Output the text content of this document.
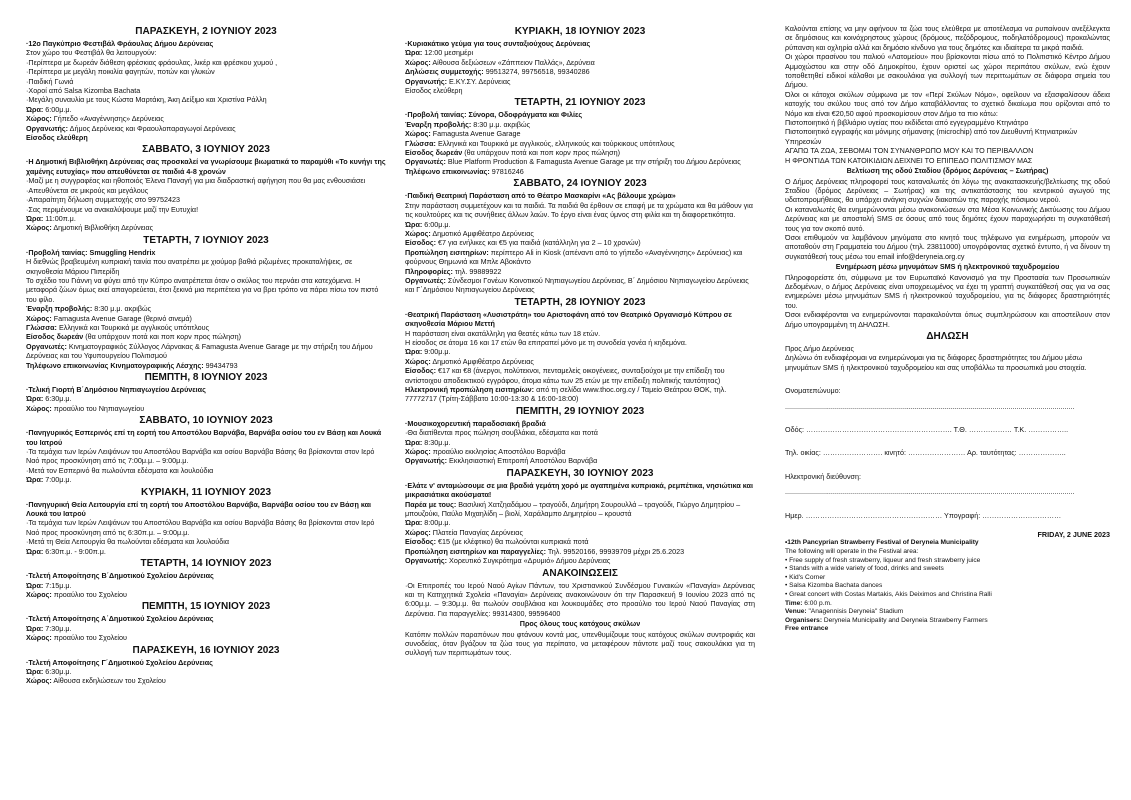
ΠΑΡΑΣΚΕΥΗ, 2 ΙΟΥΝΙΟΥ 2023
·12ο Παγκύπριο Φεστιβάλ Φράουλας Δήμου Δερύνειας
Στον χώρο του Φεστιβάλ θα λειτουργούν:
·Περίπτερα με δωρεάν διάθεση φρέσκιας φράουλας, λικέρ και φρέσκου χυμού ,
·Περίπτερα με μεγάλη ποικιλία φαγητών, ποτών και γλυκών
·Παιδική Γωνιά
·Χοροί από Salsa Kizomba Bachata
·Μεγάλη συναυλία με τους Κώστα Μαρτάκη, Άκη Δείξιμο και Χριστίνα Ράλλη
Ώρα: 6:00μ.μ.
Χώρος: Γήπεδο «Αναγέννησης» Δερύνειας
Οργανωτής: Δήμος Δερύνειας και Φραουλοπαραγωγοί Δερύνειας
Είσοδος ελεύθερη
ΣΑΒΒΑΤΟ, 3 ΙΟΥΝΙΟΥ 2023
·Η Δημοτική Βιβλιοθήκη Δερύνειας σας προσκαλεί να γνωρίσουμε βιωματικά το παραμύθι «Το κυνήγι της χαμένης ευτυχίας» που απευθύνεται σε παιδιά 4-8 χρονών
·Μαζί με η συγγραφέας και ηθοποιός Έλενα Παναγή για μια διαδραστική αφήγηση που θα μας ενθουσιάσει
·Απευθύνεται σε μικρούς και μεγάλους
·Απαραίτητη δήλωση συμμετοχής στο 99752423
·Σας περιμένουμε να ανακαλύψουμε μαζί την Ευτυχία!
Ώρα: 11:00π.μ.
Χώρος: Δημοτική Βιβλιοθήκη Δερύνειας
ΤΕΤΑΡΤΗ, 7 ΙΟΥΝΙΟΥ 2023
·Προβολή ταινίας: Smuggling Hendrix
Η διεθνώς βραβευμένη κυπριακή ταινία που ανατρέπει με χιούμορ βαθιά ριζωμένες προκαταλήψεις, σε σκηνοθεσία Μάριου Πιπερίδη
Το σχέδιο του Γιάννη να φύγει από την Κύπρο ανατρέπεται όταν ο σκύλος του περνάει στα κατεχόμενα. Η μεταφορά ζώων όμως εκεί απαγορεύεται, έτσι ξεκινά μια περιπέτεια για να βρει τρόπο να πάρει πίσω τον πιστό του φίλο.
Έναρξη προβολής: 8:30 μ.μ. ακριβώς
Χώρος: Famagusta Avenue Garage (θερινό σινεμά)
Γλώσσα: Ελληνικά και Τουρκικά με αγγλικούς υπότιτλους
Είσοδος δωρεάν (θα υπάρχουν ποτά και ποπ κορν προς πώληση)
Οργανωτές: Κινηματογραφικός Σύλλογος Λάρνακας & Famagusta Avenue Garage με την στήριξη του Δήμου Δερύνειας και του Υφυπουργείου Πολιτισμού
Τηλέφωνο επικοινωνίας Κινηματογραφικής Λέσχης: 99434793
ΠΕΜΠΤΗ, 8 ΙΟΥΝΙΟΥ 2023
·Τελική Γιορτή Β΄Δημόσιου Νηπιαγωγείου Δερύνειας
Ώρα: 6:30μ.μ.
Χώρος: προαύλιο του Νηπιαγωγείου
ΣΑΒΒΑΤΟ, 10 ΙΟΥΝΙΟΥ 2023
·Πανηγυρικός Εσπερινός επί τη εορτή του Αποστόλου Βαρνάβα, Βαρνάβα οσίου του εν Βάσῃ και Λουκά του Ιατρού
·Τα τεμάχια των Ιερών Λειψάνων του Αποστόλου Βαρνάβα και οσίου Βαρνάβα Βάσης θα βρίσκονται στον Ιερό Ναό προς προσκύνηση από τις 7:00μ.μ. – 9:00μ.μ.
·Μετά τον Εσπερινό θα πωλούνται εδέσματα και λουλούδια
Ώρα: 7:00μ.μ.
ΚΥΡΙΑΚΗ, 11 ΙΟΥΝΙΟΥ 2023
·Πανηγυρική Θεία Λειτουργία επί τη εορτή του Αποστόλου Βαρνάβα, Βαρνάβα οσίου του εν Βάσῃ και Λουκά του Ιατρού
·Τα τεμάχια των Ιερών Λειψάνων του Αποστόλου Βαρνάβα και οσίου Βαρνάβα Βάσης θα βρίσκονται στον Ιερό Ναό προς προσκύνηση από τις 6:30π.μ. – 9:00μ.μ.
·Μετά τη Θεία Λειτουργία θα πωλούνται εδέσματα και λουλούδια
Ώρα: 6:30π.μ. - 9:00π.μ.
ΤΕΤΑΡΤΗ, 14 ΙΟΥΝΙΟΥ 2023
·Τελετή Αποφοίτησης Β΄Δημοτικού Σχολείου Δερύνειας
Ώρα: 7:15μ.μ.
Χώρος: προαύλιο του Σχολείου
ΠΕΜΠΤΗ, 15 ΙΟΥΝΙΟΥ 2023
·Τελετή Αποφοίτησης Α΄Δημοτικού Σχολείου Δερύνειας
Ώρα: 7:30μ.μ.
Χώρος: προαύλιο του Σχολείου
ΠΑΡΑΣΚΕΥΗ, 16 ΙΟΥΝΙΟΥ 2023
·Τελετή Αποφοίτησης Γ΄Δημοτικού Σχολείου Δερύνειας
Ώρα: 6:30μ.μ.
Χώρος: Αίθουσα εκδηλώσεων του Σχολείου
ΚΥΡΙΑΚΗ, 18 ΙΟΥΝΙΟΥ 2023
·Κυριακάτικο γεύμα για τους συνταξιούχους Δερύνειας
Ώρα: 12:00 μεσημέρι
Χώρος: Αίθουσα δεξιώσεων «Ζάππειον Παλλάς», Δερύνεια
Δηλώσεις συμμετοχής: 99513274, 99756518, 99340286
Οργανωτής: Ε.ΚΥ.ΣΥ. Δερύνειας
Είσοδος ελεύθερη
ΤΕΤΑΡΤΗ, 21 ΙΟΥΝΙΟΥ 2023
·Προβολή ταινίας: Σύνορα, Οδοφράγματα και Φιλίες
Έναρξη προβολής: 8:30 μ.μ. ακριβώς
Χώρος: Famagusta Avenue Garage
Γλώσσα: Ελληνικά και Τουρκικά με αγγλικούς, ελληνικούς και τούρκικους υπότιτλους
Είσοδος δωρεάν (θα υπάρχουν ποτά και ποπ κορν προς πώληση)
Οργανωτές: Blue Platform Production & Famagusta Avenue Garage με την στήριξη του Δήμου Δερύνειας
Τηλέφωνο επικοινωνίας: 97816246
ΣΑΒΒΑΤΟ, 24 ΙΟΥΝΙΟΥ 2023
·Παιδική Θεατρική Παράσταση από το Θέατρο Μασκαρίνι «Ας βάλουμε χρώμα»
Στην παράσταση συμμετέχουν και τα παιδιά. Τα παιδιά θα έρθουν σε επαφή με τα χρώματα και θα μάθουν για τις κουλτούρες και τις συνήθειες άλλων λαών. Το έργο είναι ένας ύμνος στη φιλία και τη διαφορετικότητα.
Ώρα: 6:00μ.μ.
Χώρος: Δημοτικό Αμφιθέατρο Δερύνειας
Είσοδος: €7 για ενήλικες και €5 για παιδιά (κατάλληλη για 2 – 10 χρονών)
Προπώληση εισιτηρίων: περίπτερο Ali in Kiosk (απέναντι από το γήπεδο «Αναγέννησης» Δερύνειας) και φούρνους Θημωνιά και Μπλε Αβοκάντο
Πληροφορίες: τηλ. 99889922
Οργανωτές: Σύνδεσμοι Γονέων Κοινοτικού Νηπιαγωγείου Δερύνειας, Β΄ Δημόσιου Νηπιαγωγείου Δερύνειας και Γ΄Δημόσιου Νηπιαγωγείου Δερύνειας
ΤΕΤΑΡΤΗ, 28 ΙΟΥΝΙΟΥ 2023
·Θεατρική Παράσταση «Λυσιστράτη» του Αριστοφάνη από τον Θεατρικό Οργανισμό Κύπρου σε σκηνοθεσία Μάριου Μεττή
Η παράσταση είναι ακατάλληλη για θεατές κάτω των 18 ετών.
Η είσοδος σε άτομα 16 και 17 ετών θα επιτραπεί μόνο με τη συνοδεία γονέα ή κηδεμόνα.
Ώρα: 9:00μ.μ.
Χώρος: Δημοτικό Αμφιθέατρο Δερύνειας
Είσοδος: €17 και €8 (άνεργοι, πολύτεκνοι, πενταμελείς οικογένειες, συνταξιούχοι με την επίδειξη του αντίστοιχου αποδεικτικού εγγράφου, άτομα κάτω των 25 ετών με την επίδειξη πολιτικής ταυτότητας)
Ηλεκτρονική προπώληση εισιτηρίων: από τη σελίδα www.thoc.org.cy / Ταμείο Θεάτρου ΘΟΚ, τηλ. 77772717 (Τρίτη-Σάββατο 10:00-13:30 & 16:00-18:00)
ΠΕΜΠΤΗ, 29 ΙΟΥΝΙΟΥ 2023
·Μουσικοχορευτική παραδοσιακή βραδιά
·Θα διατίθενται προς πώληση σουβλάκια, εδέσματα και ποτά
Ώρα: 8:30μ.μ.
Χώρος: προαύλιο εκκλησίας Αποστόλου Βαρνάβα
Οργανωτής: Εκκλησιαστική Επιτροπή Αποστόλου Βαρνάβα
ΠΑΡΑΣΚΕΥΗ, 30 ΙΟΥΝΙΟΥ 2023
·Ελάτε ν' ανταμώσουμε σε μια βραδιά γεμάτη χορό με αγαπημένα κυπριακά, ρεμπέτικα, νησιώτικα και μικρασιάτικα ακούσματα!
Παρέα με τους: Βασιλική Χατζηαδάμου – τραγούδι, Δημήτρη Σουρουλλά – τραγούδι, Γιώργο Δημητρίου – μπουζούκι, Παύλο Μιχαηλίδη – βιολί, Χαράλαμπο Δημητρίου – κρουστά
Ώρα: 8:00μ.μ.
Χώρος: Πλατεία Παναγίας Δερύνειας
Είσοδος: €15 (με κλέφτικο) θα πωλούνται κυπριακά ποτά
Προπώληση εισιτηρίων και παραγγελίες: Τηλ. 99520166, 99939709 μέχρι 25.6.2023
Οργανωτής: Χορευτικό Συγκρότημα «Δρυμιό» Δήμου Δερύνειας
ΑΝΑΚΟΙΝΩΣΕΙΣ
·Οι Επιτροπές του Ιερού Ναού Αγίων Πάντων, του Χριστιανικού Συνδέσμου Γυναικών «Παναγία» Δερύνειας και τη Κατηχητικά Σχολεία «Παναγία» Δερύνειας ανακοινώνουν ότι την Παρασκευή 9 Ιουνίου 2023 από τις 6:00μ.μ. – 9:30μ.μ. θα πωλούν σουβλάκια και λουκουμάδες στο προαύλιο του Ιερού Ναού Παναγίας στη Δερύνεια. Για παραγγελίες: 99314300, 99596400
Προς όλους τους κατόχους σκύλων
Κατόπιν πολλών παραπόνων που φτάνουν κοντά μας, υπενθυμίζουμε τους κατόχους σκύλων συντροφιάς και συνοδείας, όταν βγάζουν τα ζώα τους για περίπατο, να μεταφέρουν πάντοτε μαζί τους σακουλάκια για τη συλλογή των περιττωμάτων τους.
Καλούνται επίσης να μην αφήνουν τα ζώα τους ελεύθερα με αποτέλεσμα να ρυπαίνουν ανεξέλεγκτα σε δημόσιους και κοινόχρηστους χώρους (δρόμους, πεζόδρομους, ποδηλατόδρομους) προκαλώντας ρύπανση και οχληρία αλλά και δημόσιο κίνδυνο για τους δημότες και ιδιαίτερα τα μικρά παιδιά.
Οι χώροι πρασίνου του παλιού «Λατομείου» που βρίσκονται πίσω από το Πολιτιστικό Κέντρο Δήμου Αμμοχώστου και στην οδό Δημοκρίτου, έχουν οριστεί ως χώροι περιπάτου σκύλων, ενώ έχουν τοποθετηθεί ειδικοί κάλαθοι με σακουλάκια για συλλογή των περιττωμάτων σε διάφορα σημεία του Δήμου.
Όλοι οι κάτοχοι σκύλων σύμφωνα με τον «Περί Σκύλων Νόμο», οφείλουν να εξασφαλίσουν άδεια κατοχής του σκύλου τους από τον Δήμο καταβάλλοντας το σχετικό δικαίωμα που ορίζονται από το Νόμο και είναι €20,50 αφού προσκομίσουν στον Δήμο τα πιο κάτω:
Πιστοποιητικό ή βιβλιάριο υγείας που εκδίδεται από εγγεγραμμένο Κτηνιάτρο
Πιστοποιητικό εγγραφής και μόνιμης σήμανσης (microchip) από τον Διευθυντή Κτηνιατρικών Υπηρεσιών
ΑΓΑΠΩ ΤΑ ΖΩΑ, ΣΕΒΟΜΑΙ ΤΟΝ ΣΥΝΑΝΘΡΩΠΟ ΜΟΥ ΚΑΙ ΤΟ ΠΕΡΙΒΑΛΛΟΝ
Η ΦΡΟΝΤΙΔΑ ΤΩΝ ΚΑΤΟΙΚΙΔΙΩΝ ΔΕΙΧΝΕΙ ΤΟ ΕΠΙΠΕΔΟ ΠΟΛΙΤΙΣΜΟΥ ΜΑΣ
Βελτίωση της οδού Σταδίου (δρόμος Δερύνειας – Σωτήρας)
Ο Δήμος Δερύνειας πληροφορεί τους καταναλωτές ότι λόγω της ανακατασκευής/βελτίωσης της οδού Σταδίου (δρόμος Δερύνειας – Σωτήρας) και της αντικατάστασης του κεντρικού αγωγού της υδατοπρομήθειας, θα υπάρχει ανάγκη συχνών διακοπών της παροχής πόσιμου νερού.
Οι καταναλωτές θα ενημερώνονται μέσω ανακοινώσεων στα Μέσα Κοινωνικής Δικτύωσης του Δήμου Δερύνειας και με αποστολή SMS σε όσους από τους δημότες έχουν παραχωρήσει τη συγκατάθεσή τους για τον σκοπό αυτό.
Όσοι επιθυμούν να λαμβάνουν μηνύματα στο κινητό τους τηλέφωνο για ενημέρωση, μπορούν να αποταθούν στη Γραμματεία του Δήμου (τηλ. 23811000) υπογράφοντας σχετικό έντυπο, ή να δίνουν τη συγκατάθεσή τους μέσω του email info@deryneia.org.cy
Ενημέρωση μέσω μηνυμάτων SMS ή ηλεκτρονικού ταχυδρομείου
Πληροφορείστε ότι, σύμφωνα με τον Ευρωπαϊκό Κανονισμό για την Προστασία των Προσωπικών Δεδομένων, ο Δήμος Δερύνειας είναι υποχρεωμένος να έχει τη γραπτή συγκατάθεσή σας για να σας ενημερώνει μέσω μηνυμάτων SMS ή ηλεκτρονικού ταχυδρομείου, για τις διάφορες δραστηριότητές του.
Όσοι ενδιαφέρονται να ενημερώνονται παρακαλούνται όπως συμπληρώσουν και αποστείλουν στον Δήμο υπογραμμένη τη ΔΗΛΩΣΗ.
ΔΗΛΩΣΗ
Προς Δήμο Δερύνειας
Δηλώνω ότι ενδιαφέρομαι να ενημερώνομαι για τις διάφορες δραστηριότητες του Δήμου μέσω μηνυμάτων SMS ή ηλεκτρονικού ταχυδρομείου και σας υποβάλλω τα προσωπικά μου στοιχεία.
Ονοματεπώνυμο:
.................................................................................................................................................
Οδός: ……………………………………………………. Τ.Θ. ……………… Τ.Κ. ……………..
Τηλ. οικίας: ……………………. κινητό: …………………… Αρ. ταυτότητας: ………………..
Ηλεκτρονική διεύθυνση:
.................................................................................................................................................
Ημερ. ………………………………………………… Υπογραφή: ……………………………
FRIDAY, 2 JUNE 2023
•12th Pancyprian Strawberry Festival of Deryneia Municipality
The following will operate in the Festival area:
• Free supply of fresh strawberry, liqueur and fresh strawberry juice
• Stands with a wide variety of food, drinks and sweets
• Kid's Corner
• Salsa Kizomba Bachata dances
• Great concert with Costas Martakis, Akis Deiximos and Christina Ralli
Time: 6:00 p.m.
Venue: "Anagennisis Deryneia" Stadium
Organisers: Deryneia Municipality and Deryneia Strawberry Farmers
Free entrance
